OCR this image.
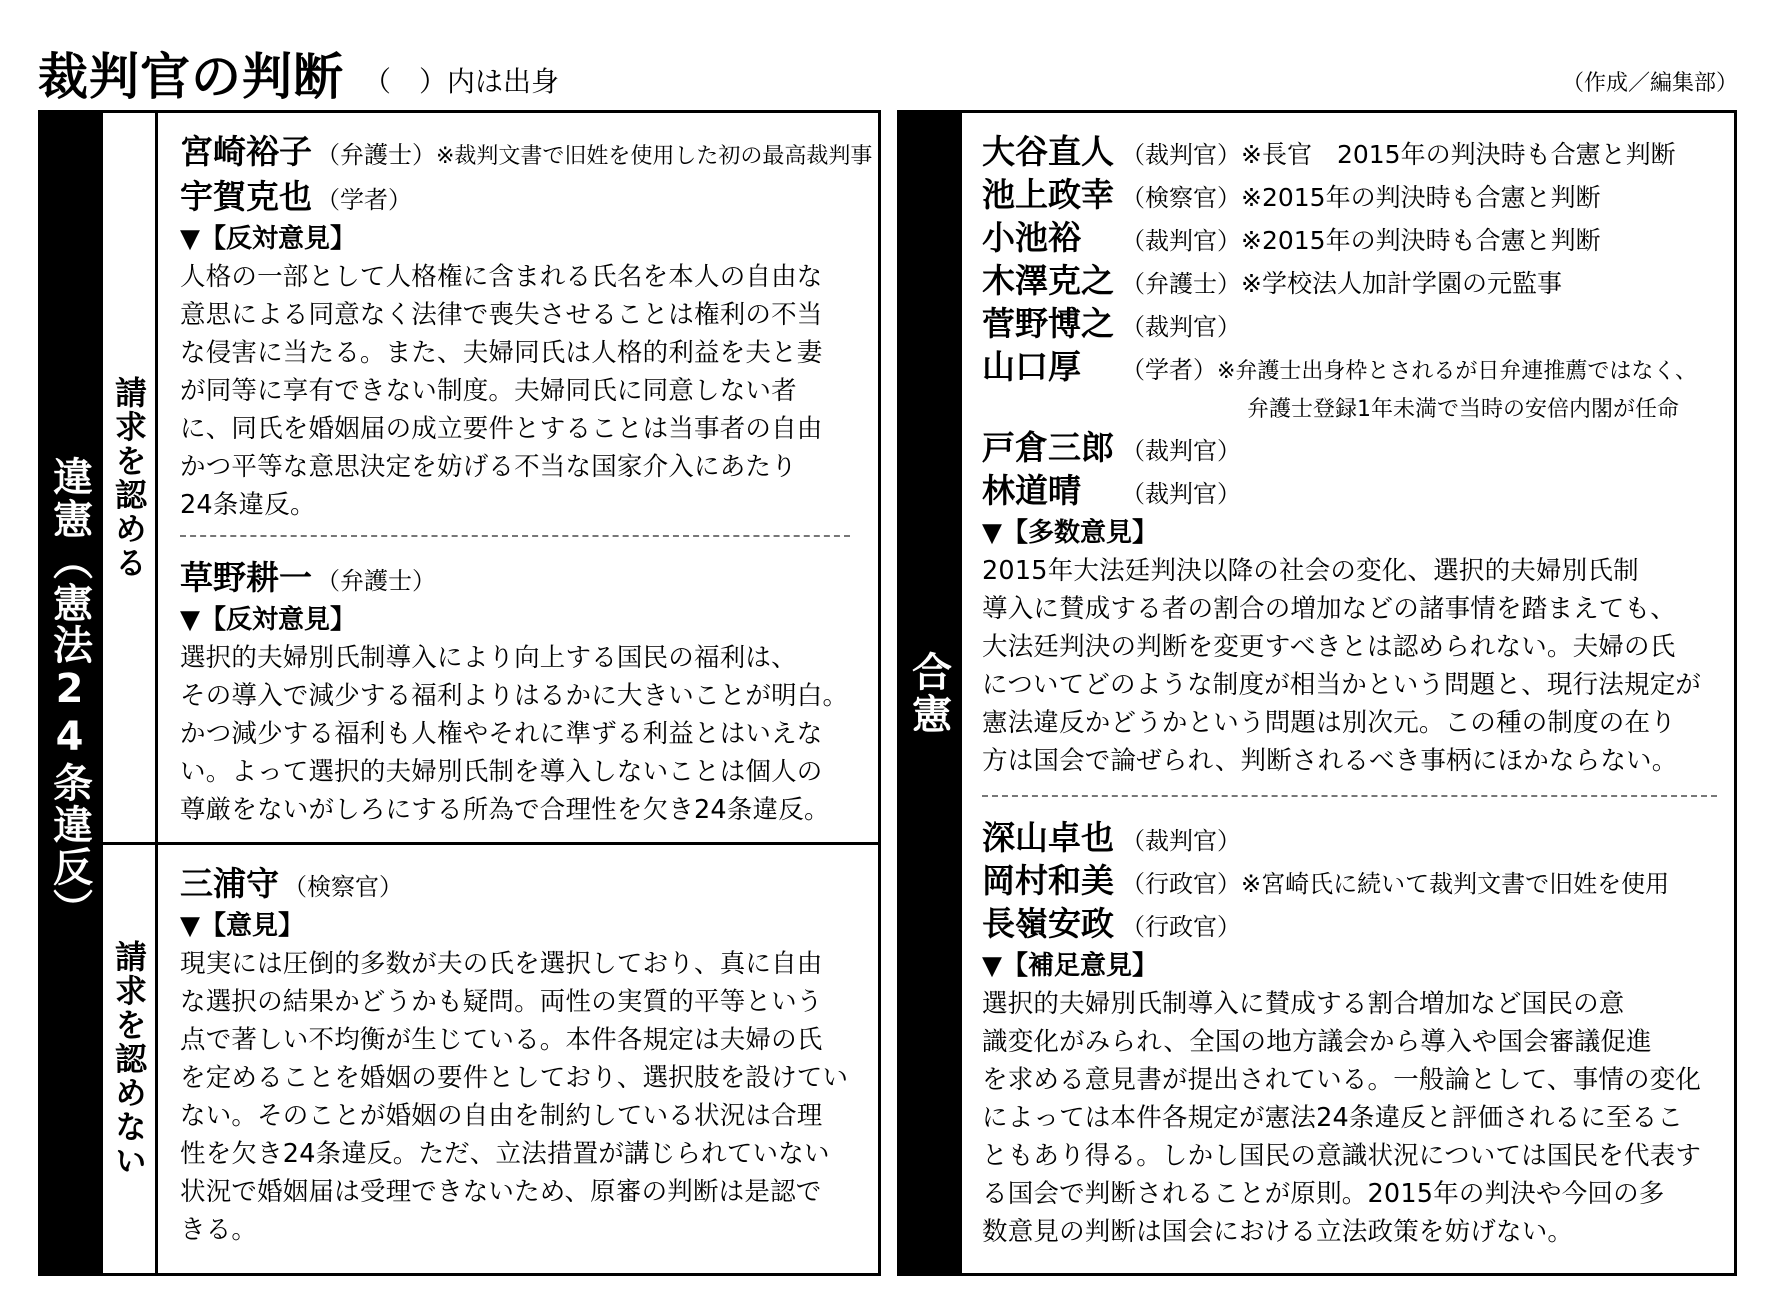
裁判官の判断 （　）内は出身	（作成／編集部）
違憲（憲法24条違反） 請求を認める
請求を認めない
宮崎裕子 （弁護士） ※裁判文書で旧姓を使用した初の最高裁判事
宇賀克也 （学者）
▼【反対意見】
人格の一部として人格権に含まれる氏名を本人の自由な
意思による同意なく法律で喪失させることは権利の不当
な侵害に当たる。また、夫婦同氏は人格的利益を夫と妻
が同等に享有できない制度。夫婦同氏に同意しない者
に、同氏を婚姻届の成立要件とすることは当事者の自由
かつ平等な意思決定を妨げる不当な国家介入にあたり
24条違反。
草野耕一 （弁護士）
▼【反対意見】
選択的夫婦別氏制導入により向上する国民の福利は、
その導入で減少する福利よりはるかに大きいことが明白。
かつ減少する福利も人権やそれに準ずる利益とはいえな
い。よって選択的夫婦別氏制を導入しないことは個人の
尊厳をないがしろにする所為で合理性を欠き24条違反。
三浦守 （検察官）
▼【意見】
現実には圧倒的多数が夫の氏を選択しており、真に自由
な選択の結果かどうかも疑問。両性の実質的平等という
点で著しい不均衡が生じている。本件各規定は夫婦の氏
を定めることを婚姻の要件としており、選択肢を設けてい
ない。そのことが婚姻の自由を制約している状況は合理
性を欠き24条違反。ただ、立法措置が講じられていない
状況で婚姻届は受理できないため、原審の判断は是認で
きる。
合憲
大谷直人 （裁判官） ※長官　2015年の判決時も合憲と判断
池上政幸 （検察官） ※2015年の判決時も合憲と判断
小池裕	（裁判官） ※2015年の判決時も合憲と判断
木澤克之 （弁護士） ※学校法人加計学園の元監事
菅野博之 （裁判官）
山口厚	（学者） ※弁護士出身枠とされるが日弁連推薦ではなく、
弁護士登録1年未満で当時の安倍内閣が任命
戸倉三郎 （裁判官）
林道晴	（裁判官）
▼【多数意見】
2015年大法廷判決以降の社会の変化、選択的夫婦別氏制
導入に賛成する者の割合の増加などの諸事情を踏まえても、
大法廷判決の判断を変更すべきとは認められない。夫婦の氏
についてどのような制度が相当かという問題と、現行法規定が
憲法違反かどうかという問題は別次元。この種の制度の在り
方は国会で論ぜられ、判断されるべき事柄にほかならない。
深山卓也 （裁判官）
岡村和美 （行政官） ※宮崎氏に続いて裁判文書で旧姓を使用
長嶺安政 （行政官）
▼【補足意見】
選択的夫婦別氏制導入に賛成する割合増加など国民の意
識変化がみられ、全国の地方議会から導入や国会審議促進
を求める意見書が提出されている。一般論として、事情の変化
によっては本件各規定が憲法24条違反と評価されるに至るこ
ともあり得る。しかし国民の意識状況については国民を代表す
る国会で判断されることが原則。2015年の判決や今回の多
数意見の判断は国会における立法政策を妨げない。
